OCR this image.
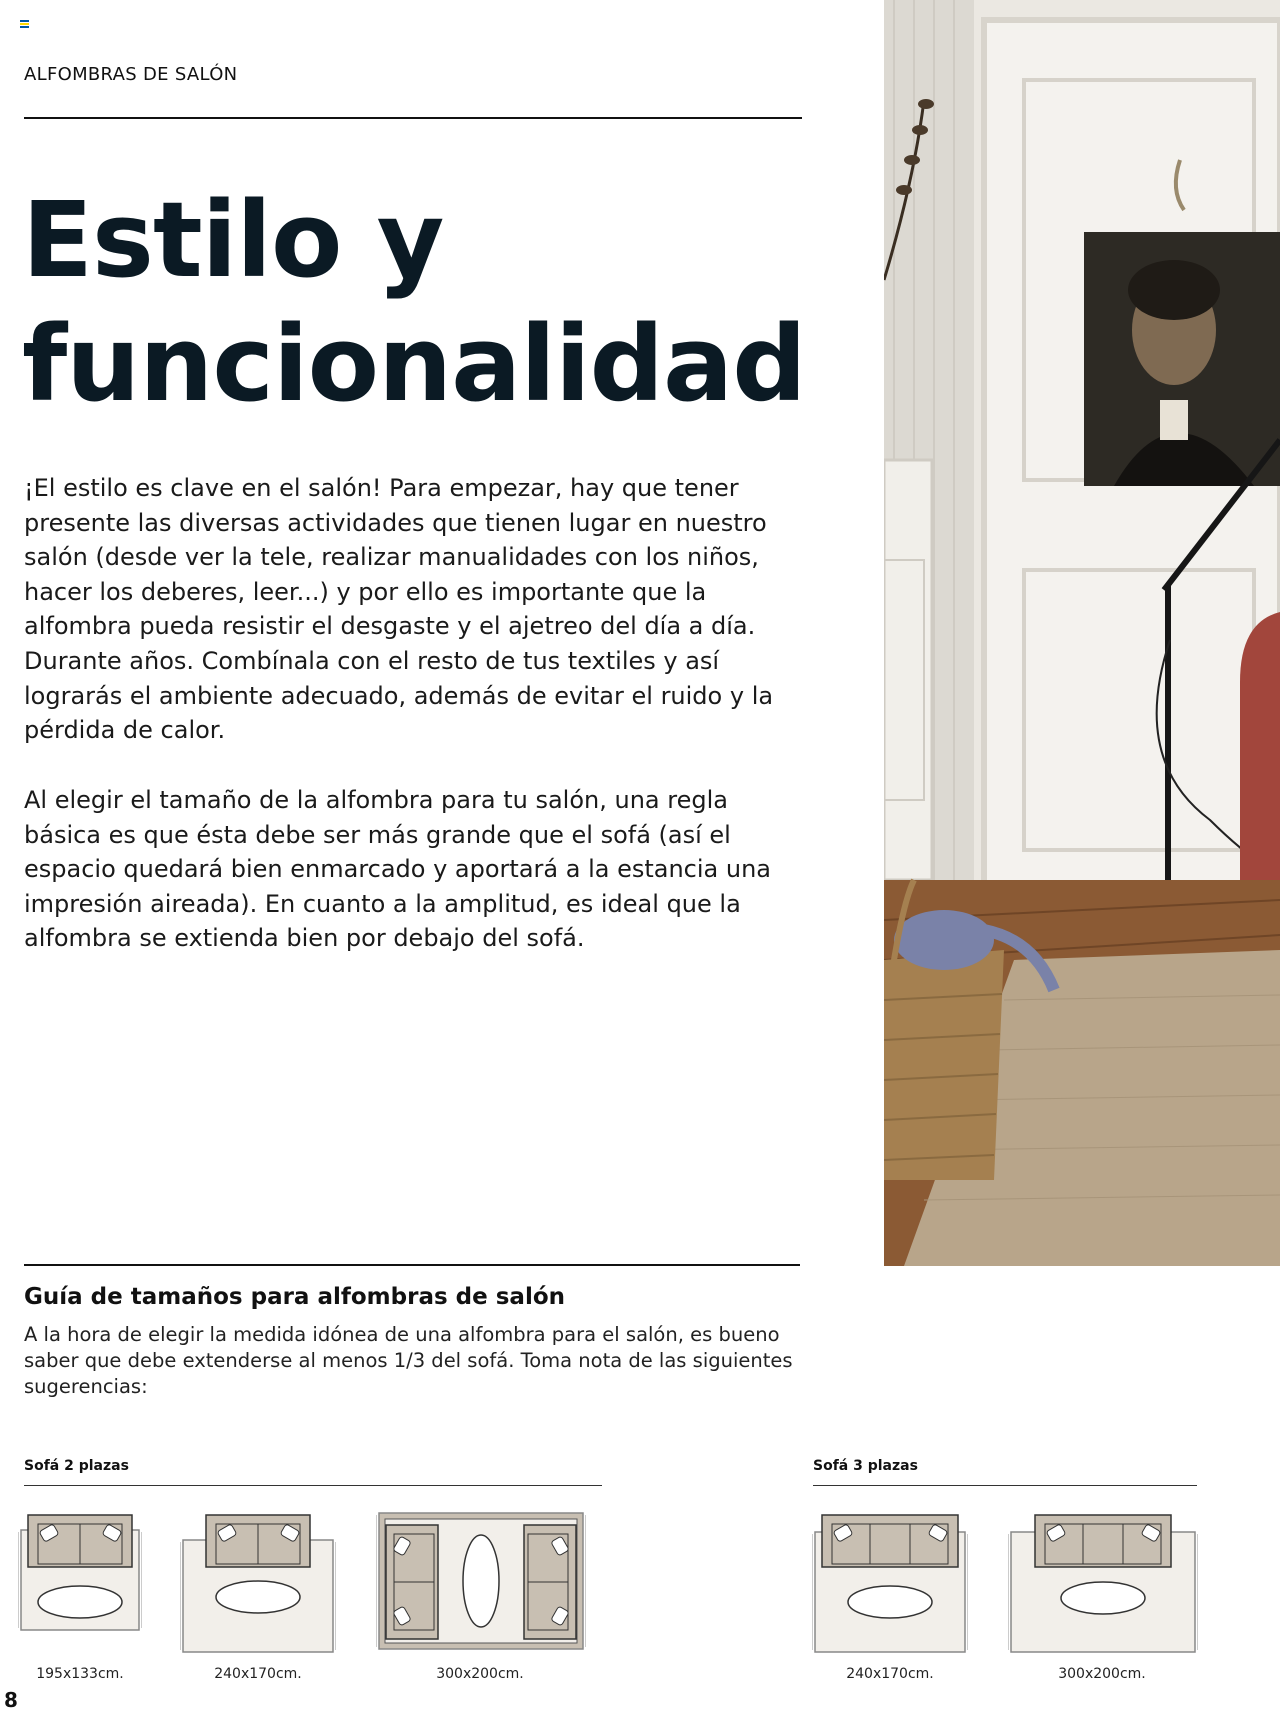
ALFOMBRAS DE SALÓN
Estilo y
funcionalidad

¡El estilo es clave en el salón! Para empezar, hay que tener presente las diversas actividades que tienen lugar en nuestro salón (desde ver la tele, realizar manualidades con los niños, hacer los deberes, leer...) y por ello es importante que la alfombra pueda resistir el desgaste y el ajetreo del día a día. Durante años. Combínala con el resto de tus textiles y así lograrás el ambiente adecuado, además de evitar el ruido y la pérdida de calor.

Al elegir el tamaño de la alfombra para tu salón, una regla básica es que ésta debe ser más grande que el sofá (así el espacio quedará bien enmarcado y aportará a la estancia una impresión aireada). En cuanto a la amplitud, es ideal que la alfombra se extienda bien por debajo del sofá.

Guía de tamaños para alfombras de salón

A la hora de elegir la medida idónea de una alfombra para el salón, es bueno saber que debe extenderse al menos 1/3 del sofá. Toma nota de las siguientes sugerencias:

Sofá 2 plazas	Sofá 3 plazas
195x133cm.	240x170cm.	300x200cm.	240x170cm.	300x200cm.
8
